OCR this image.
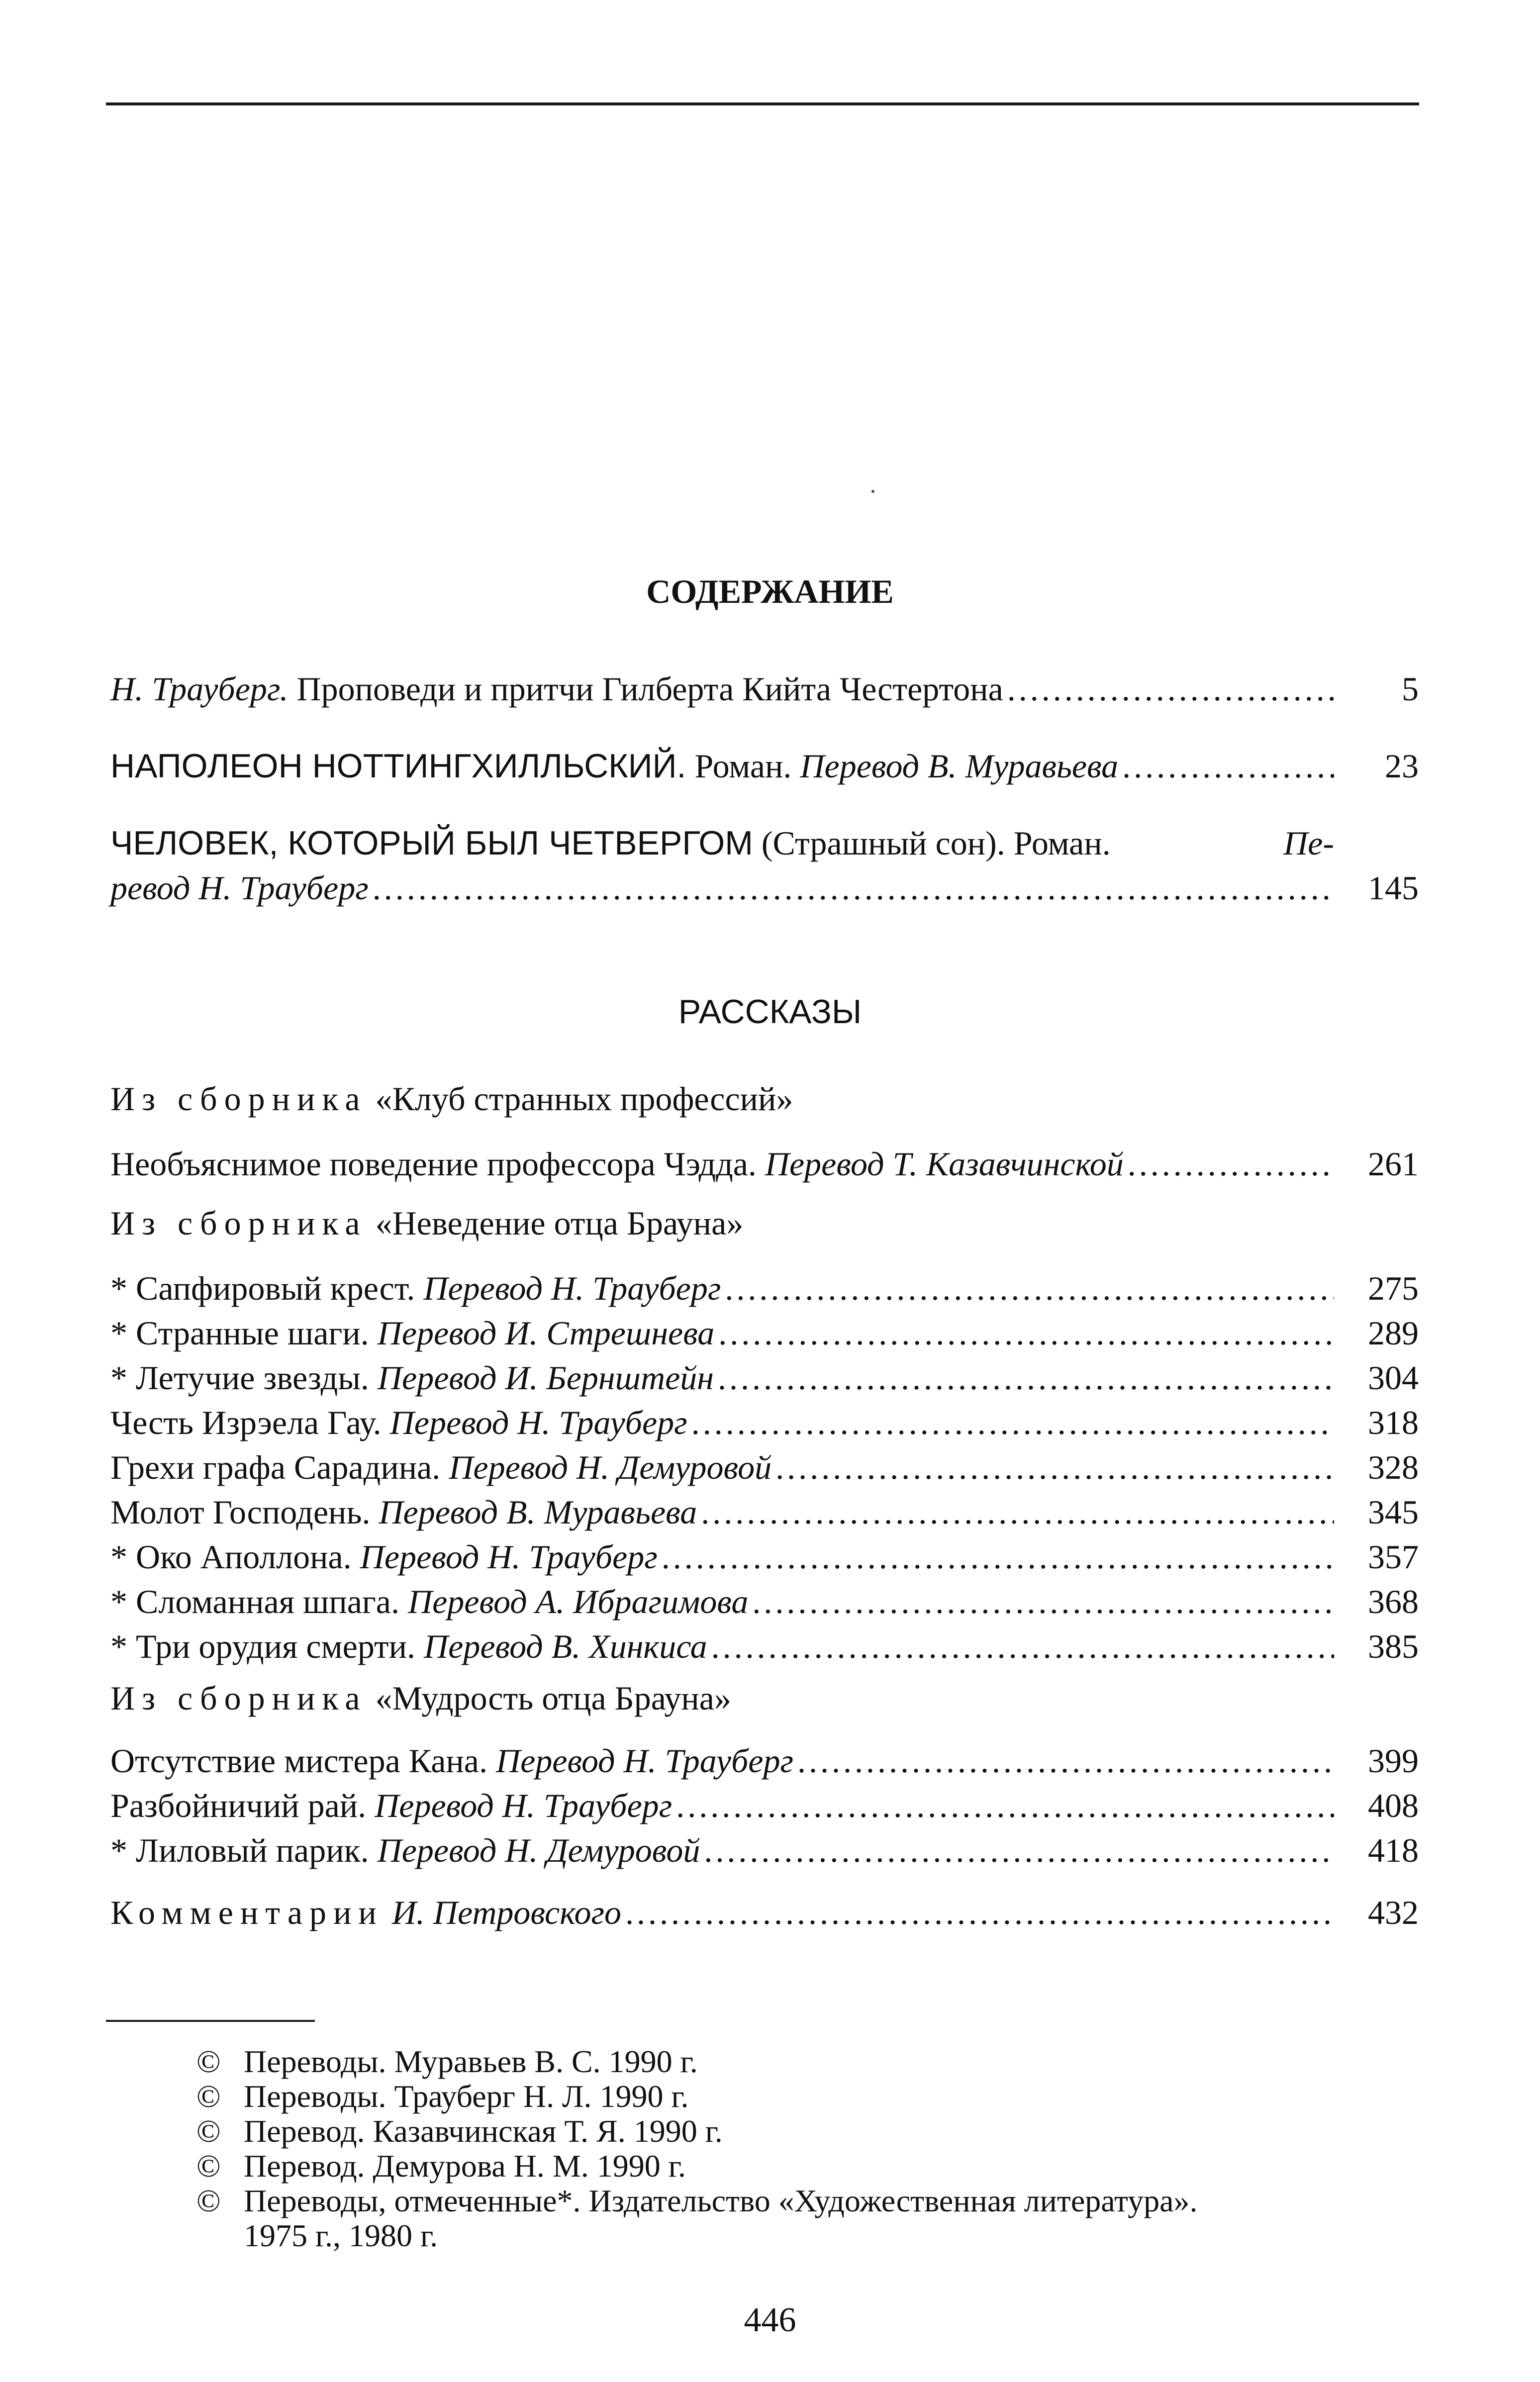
СОДЕРЖАНИЕ
Н. Трауберг. Проповеди и притчи Гилберта Кийта Честертона .....	5
НАПОЛЕОН НОТТИНГХИЛЛЬСКИЙ. Роман. Перевод В. Муравьева .....	23
ЧЕЛОВЕК, КОТОРЫЙ БЫЛ ЧЕТВЕРГОМ (Страшный сон). Роман.	Пе-
ревод Н. Трауберг .....	145
РАССКАЗЫ
Из сборника «Клуб странных профессий»
Необъяснимое поведение профессора Чэдда. Перевод Т. Казавчинской .....	261
Из сборника «Неведение отца Брауна»
* Сапфировый крест. Перевод Н. Трауберг .....	275
* Странные шаги. Перевод И. Стрешнева .....	289
* Летучие звезды. Перевод И. Бернштейн .....	304
Честь Изрэела Гау. Перевод Н. Трауберг .....	318
Грехи графа Сарадина. Перевод Н. Демуровой .....	328
Молот Господень. Перевод В. Муравьева .....	345
* Око Аполлона. Перевод Н. Трауберг .....	357
* Сломанная шпага. Перевод А. Ибрагимова .....	368
* Три орудия смерти. Перевод В. Хинкиса .....	385
Из сборника «Мудрость отца Брауна»
Отсутствие мистера Кана. Перевод Н. Трауберг .....	399
Разбойничий рай. Перевод Н. Трауберг .....	408
* Лиловый парик. Перевод Н. Демуровой .....	418
Комментарии И. Петровского .....	432
© Переводы. Муравьев В. С. 1990 г.
© Переводы. Трауберг Н. Л. 1990 г.
© Перевод. Казавчинская Т. Я. 1990 г.
© Перевод. Демурова Н. М. 1990 г.
© Переводы, отмеченные*. Издательство «Художественная литература».
1975 г., 1980 г.
446
